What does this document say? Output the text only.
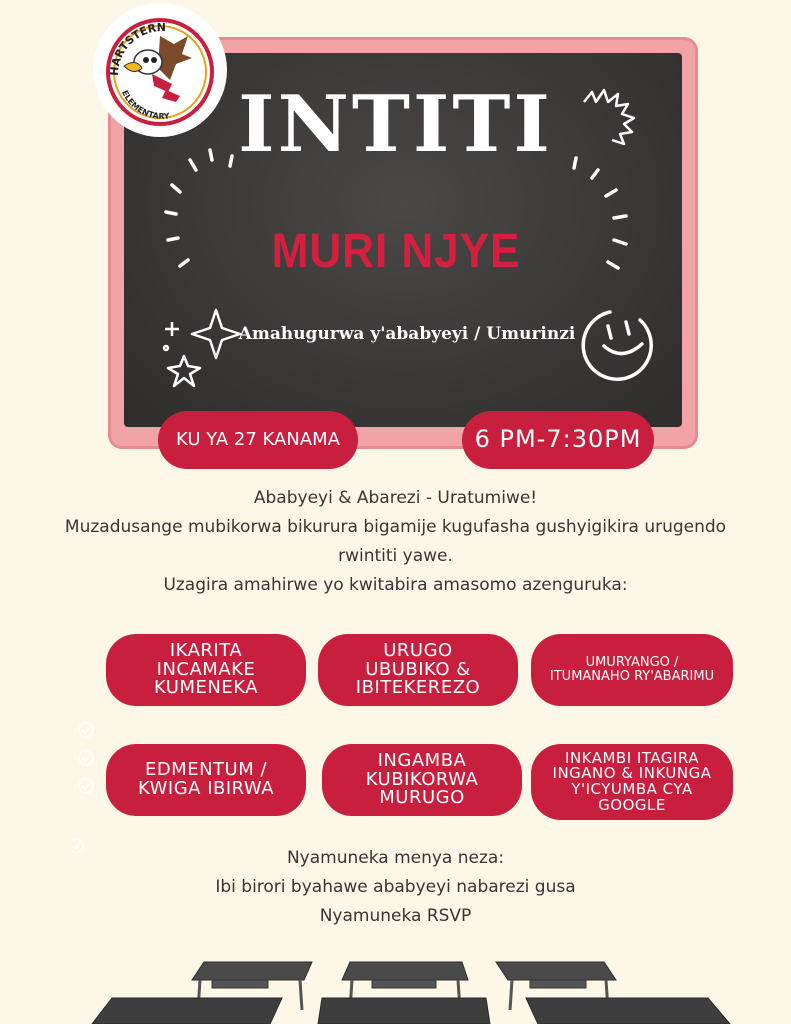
INTITI
MURI NJYE
Amahugurwa y'ababyeyi / Umurinzi
HARTSTERN
ELEMENTARY
KU YA 27 KANAMA	6 PM-7:30PM
Ababyeyi & Abarezi - Uratumiwe!
Muzadusange mubikorwa bikurura bigamije kugufasha gushyigikira urugendo
rwintiti yawe.
Uzagira amahirwe yo kwitabira amasomo azenguruka:
IKARITA
INCAMAKE
KUMENEKA
URUGO
UBUBIKO &
IBITEKEREZO
UMURYANGO /
ITUMANAHO RY'ABARIMU
EDMENTUM /
KWIGA IBIRWA
INGAMBA
KUBIKORWA
MURUGO
INKAMBI ITAGIRA
INGANO & INKUNGA
Y'ICYUMBA CYA
GOOGLE
Nyamuneka menya neza:
Ibi birori byahawe ababyeyi nabarezi gusa
Nyamuneka RSVP
